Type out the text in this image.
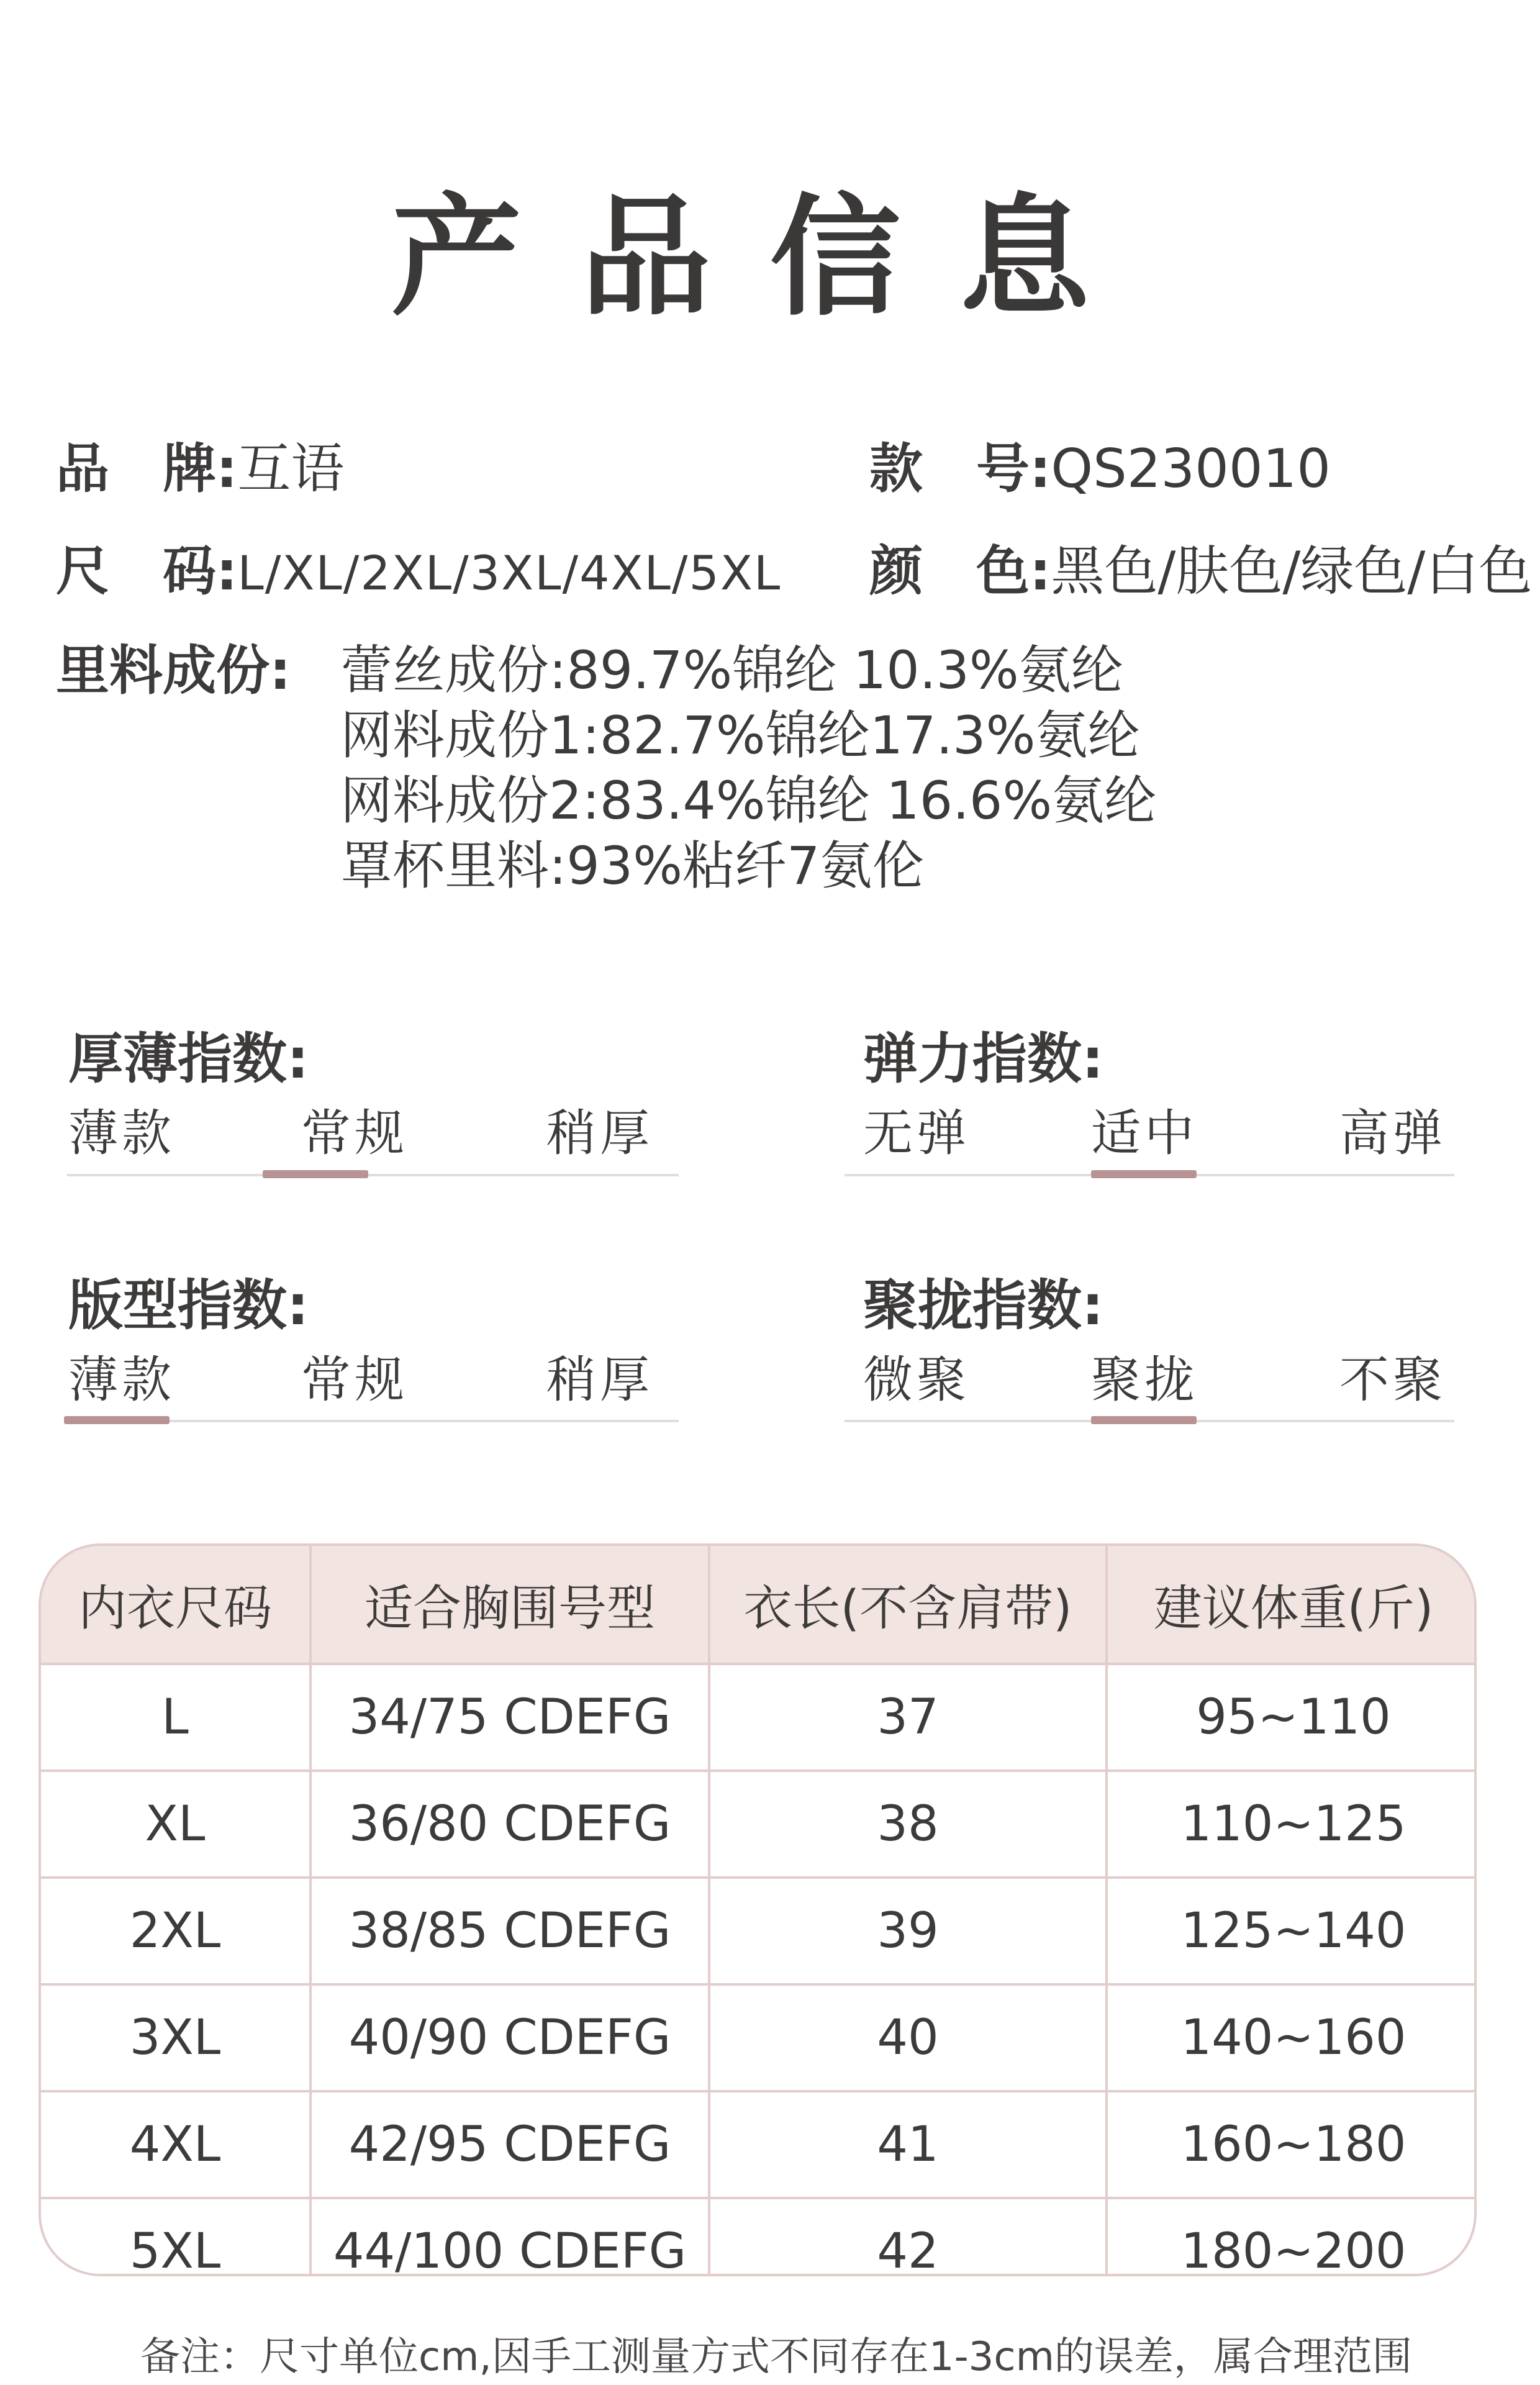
产品信息
品　牌:互语	款　号:QS230010
尺　码:L/XL/2XL/3XL/4XL/5XL 颜　色:黑色/肤色/绿色/白色
里料成份: 蕾丝成份:89.7%锦纶 10.3%氨纶
网料成份1:82.7%锦纶17.3%氨纶
网料成份2:83.4%锦纶 16.6%氨纶
罩杯里料:93%粘纤7氨伦
厚薄指数:
薄款	常规	稍厚
弹力指数:
无弹 适中	高弹
版型指数:
薄款	常规	稍厚
聚拢指数:
微聚 聚拢	不聚
内衣尺码	适合胸围号型	衣长(不含肩带)	建议体重(斤)
L	34/75 CDEFG	37	95~110
XL	36/80 CDEFG	38	110~125
2XL	38/85 CDEFG	39	125~140
3XL	40/90 CDEFG	40	140~160
4XL	42/95 CDEFG	41	160~180
5XL	44/100 CDEFG	42	180~200
备注：尺寸单位cm,因手工测量方式不同存在1-3cm的误差，属合理范围
